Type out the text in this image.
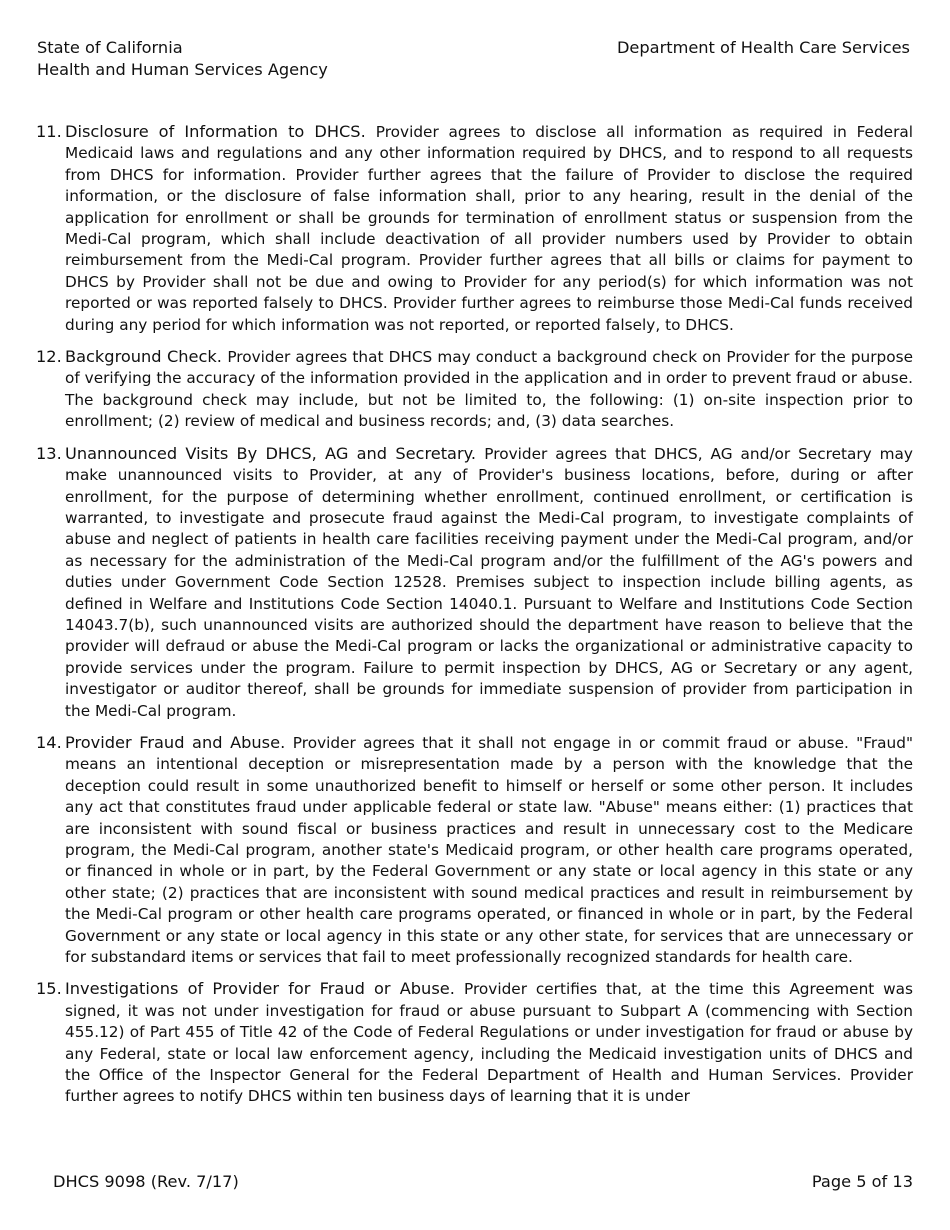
State of California
Health and Human Services Agency
Department of Health Care Services
11. Disclosure of Information to DHCS. Provider agrees to disclose all information as required in Federal Medicaid laws and regulations and any other information required by DHCS, and to respond to all requests from DHCS for information. Provider further agrees that the failure of Provider to disclose the required information, or the disclosure of false information shall, prior to any hearing, result in the denial of the application for enrollment or shall be grounds for termination of enrollment status or suspension from the Medi-Cal program, which shall include deactivation of all provider numbers used by Provider to obtain reimbursement from the Medi-Cal program. Provider further agrees that all bills or claims for payment to DHCS by Provider shall not be due and owing to Provider for any period(s) for which information was not reported or was reported falsely to DHCS. Provider further agrees to reimburse those Medi-Cal funds received during any period for which information was not reported, or reported falsely, to DHCS.
12. Background Check. Provider agrees that DHCS may conduct a background check on Provider for the purpose of verifying the accuracy of the information provided in the application and in order to prevent fraud or abuse. The background check may include, but not be limited to, the following: (1) on-site inspection prior to enrollment; (2) review of medical and business records; and, (3) data searches.
13. Unannounced Visits By DHCS, AG and Secretary. Provider agrees that DHCS, AG and/or Secretary may make unannounced visits to Provider, at any of Provider's business locations, before, during or after enrollment, for the purpose of determining whether enrollment, continued enrollment, or certification is warranted, to investigate and prosecute fraud against the Medi-Cal program, to investigate complaints of abuse and neglect of patients in health care facilities receiving payment under the Medi-Cal program, and/or as necessary for the administration of the Medi-Cal program and/or the fulfillment of the AG's powers and duties under Government Code Section 12528. Premises subject to inspection include billing agents, as defined in Welfare and Institutions Code Section 14040.1. Pursuant to Welfare and Institutions Code Section 14043.7(b), such unannounced visits are authorized should the department have reason to believe that the provider will defraud or abuse the Medi-Cal program or lacks the organizational or administrative capacity to provide services under the program. Failure to permit inspection by DHCS, AG or Secretary or any agent, investigator or auditor thereof, shall be grounds for immediate suspension of provider from participation in the Medi-Cal program.
14. Provider Fraud and Abuse. Provider agrees that it shall not engage in or commit fraud or abuse. "Fraud" means an intentional deception or misrepresentation made by a person with the knowledge that the deception could result in some unauthorized benefit to himself or herself or some other person. It includes any act that constitutes fraud under applicable federal or state law. "Abuse" means either: (1) practices that are inconsistent with sound fiscal or business practices and result in unnecessary cost to the Medicare program, the Medi-Cal program, another state's Medicaid program, or other health care programs operated, or financed in whole or in part, by the Federal Government or any state or local agency in this state or any other state; (2) practices that are inconsistent with sound medical practices and result in reimbursement by the Medi-Cal program or other health care programs operated, or financed in whole or in part, by the Federal Government or any state or local agency in this state or any other state, for services that are unnecessary or for substandard items or services that fail to meet professionally recognized standards for health care.
15. Investigations of Provider for Fraud or Abuse. Provider certifies that, at the time this Agreement was signed, it was not under investigation for fraud or abuse pursuant to Subpart A (commencing with Section 455.12) of Part 455 of Title 42 of the Code of Federal Regulations or under investigation for fraud or abuse by any Federal, state or local law enforcement agency, including the Medicaid investigation units of DHCS and the Office of the Inspector General for the Federal Department of Health and Human Services. Provider further agrees to notify DHCS within ten business days of learning that it is under
DHCS 9098 (Rev. 7/17)	Page 5 of 13
